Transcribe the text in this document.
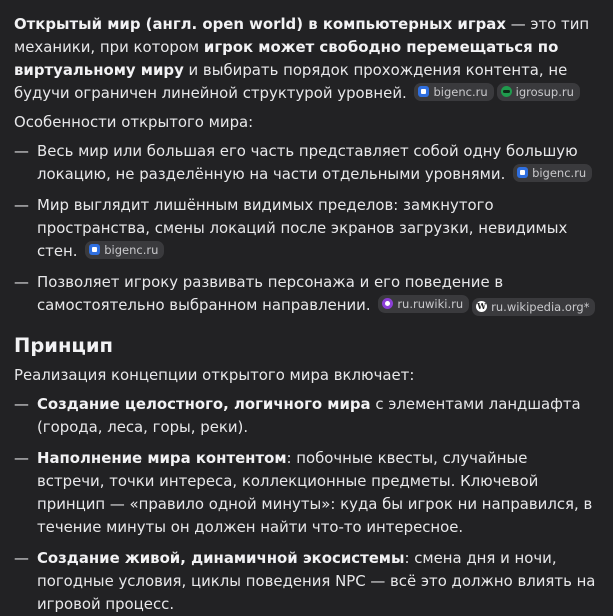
Открытый мир (англ. open world) в компьютерных играх — это тип механики, при котором игрок может свободно перемещаться по виртуальному миру и выбирать порядок прохождения контента, не будучи ограничен линейной структурой уровней. bigenc.ru igrosup.ru

Особенности открытого мира:

— Весь мир или большая его часть представляет собой одну большую локацию, не разделённую на части отдельными уровнями. bigenc.ru
— Мир выглядит лишённым видимых пределов: замкнутого пространства, смены локаций после экранов загрузки, невидимых стен. bigenc.ru
— Позволяет игроку развивать персонажа и его поведение в самостоятельно выбранном направлении. ru.ruwiki.ru W ru.wikipedia.org*
Принцип

Реализация концепции открытого мира включает:

— Создание целостного, логичного мира с элементами ландшафта (города, леса, горы, реки).
— Наполнение мира контентом: побочные квесты, случайные встречи, точки интереса, коллекционные предметы. Ключевой принцип — «правило одной минуты»: куда бы игрок ни направился, в течение минуты он должен найти что-то интересное.
— Создание живой, динамичной экосистемы: смена дня и ночи, погодные условия, циклы поведения NPC — всё это должно влиять на игровой процесс.
